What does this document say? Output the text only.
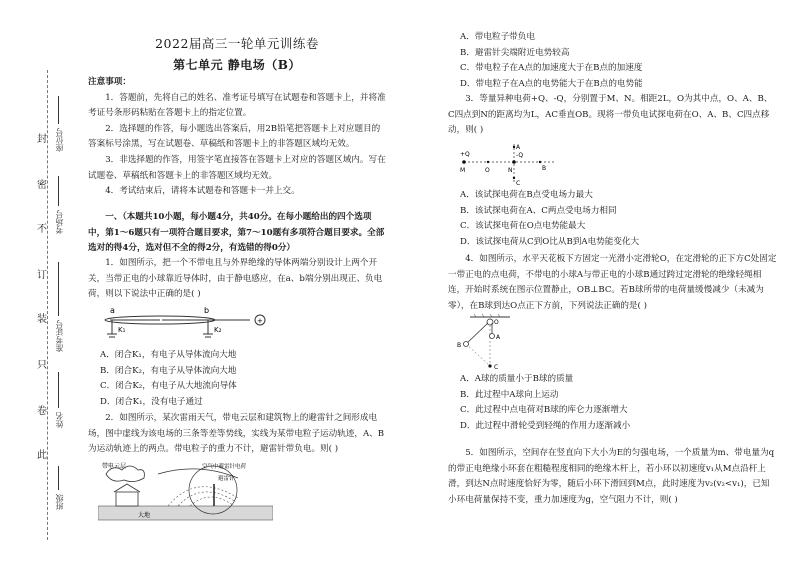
封
密
不
订
装
只
卷
此
座位号
考场号
准考证号
姓名
班级
2022届高三一轮单元训练卷
第七单元 静电场（B）

注意事项：

1．答题前，先将自己的姓名、准考证号填写在试题卷和答题卡上，并将准考证号条形码粘贴在答题卡上的指定位置。

2．选择题的作答，每小题选出答案后，用2B铅笔把答题卡上对应题目的答案标号涂黑，写在试题卷、草稿纸和答题卡上的非答题区域均无效。

3．非选择题的作答，用签字笔直接答在答题卡上对应的答题区域内。写在试题卷、草稿纸和答题卡上的非答题区域均无效。

4．考试结束后，请将本试题卷和答题卡一并上交。

一、（本题共10小题，每小题4分，共40分。在每小题给出的四个选项中，第1～6题只有一项符合题目要求，第7～10题有多项符合题目要求。全部选对的得4分，选对但不全的得2分，有选错的得0分）

1．如图所示，把一个不带电且与外界绝缘的导体两端分别设计上两个开关，当带正电的小球靠近导体时，由于静电感应，在a、b端分别出现正、负电荷，则以下说法中正确的是( )

+
a	b
K₁	K₂

A．闭合K₁，有电子从导体流向大地

B．闭合K₂，有电子从导体流向大地

C．闭合K₂，有电子从大地流向导体

D．闭合K₁，没有电子通过

2．如图所示，某次雷雨天气，带电云层和建筑物上的避雷针之间形成电场，图中虚线为该电场的三条等差等势线，实线为某带电粒子运动轨迹，A、B为运动轨迹上的两点。带电粒子的重力不计，避雷针带负电。则( )

带电云层
大地
空气中避雷针电荷
避雷针

A．带电粒子带负电

B．避雷针尖端附近电势较高

C．带电粒子在A点的加速度大于在B点的加速度

D．带电粒子在A点的电势能大于在B点的电势能

3．等量异种电荷+Q、-Q，分别置于M、N。相距2L，O为其中点，O、A、B、C四点到N的距离均为L，AC垂直OB。现将一带负电试探电荷在O、A、B、C四点移动，则( )

+Q
M	O
-Q
N
A
B
C

A．该试探电荷在B点受电场力最大

B．该试探电荷在A、C两点受电场力相同

C．该试探电荷在O点电势能最大

D．该试探电荷从C到O比从B到A电势能变化大

4．如图所示，水平天花板下方固定一光滑小定滑轮O，在定滑轮的正下方C处固定一带正电的点电荷，不带电的小球A与带正电的小球B通过跨过定滑轮的绝缘轻绳相连，开始时系统在图示位置静止，OB⊥BC。若B球所带的电荷量缓慢减少（未减为零），在B球到达O点正下方前，下列说法正确的是( )

O
A
B
C

A．A球的质量小于B球的质量

B．此过程中A球向上运动

C．此过程中点电荷对B球的库仑力逐渐增大

D．此过程中滑轮受到轻绳的作用力逐渐减小

5．如图所示，空间存在竖直向下大小为E的匀强电场，一个质量为m、带电量为q的带正电绝缘小环套在粗糙程度相同的绝缘木杆上，若小环以初速度v₁从M点沿杆上滑，到达N点时速度恰好为零，随后小环下滑回到M点，此时速度为v₂(v₂<v₁)，已知小环电荷量保持不变，重力加速度为g，空气阻力不计，则( )
